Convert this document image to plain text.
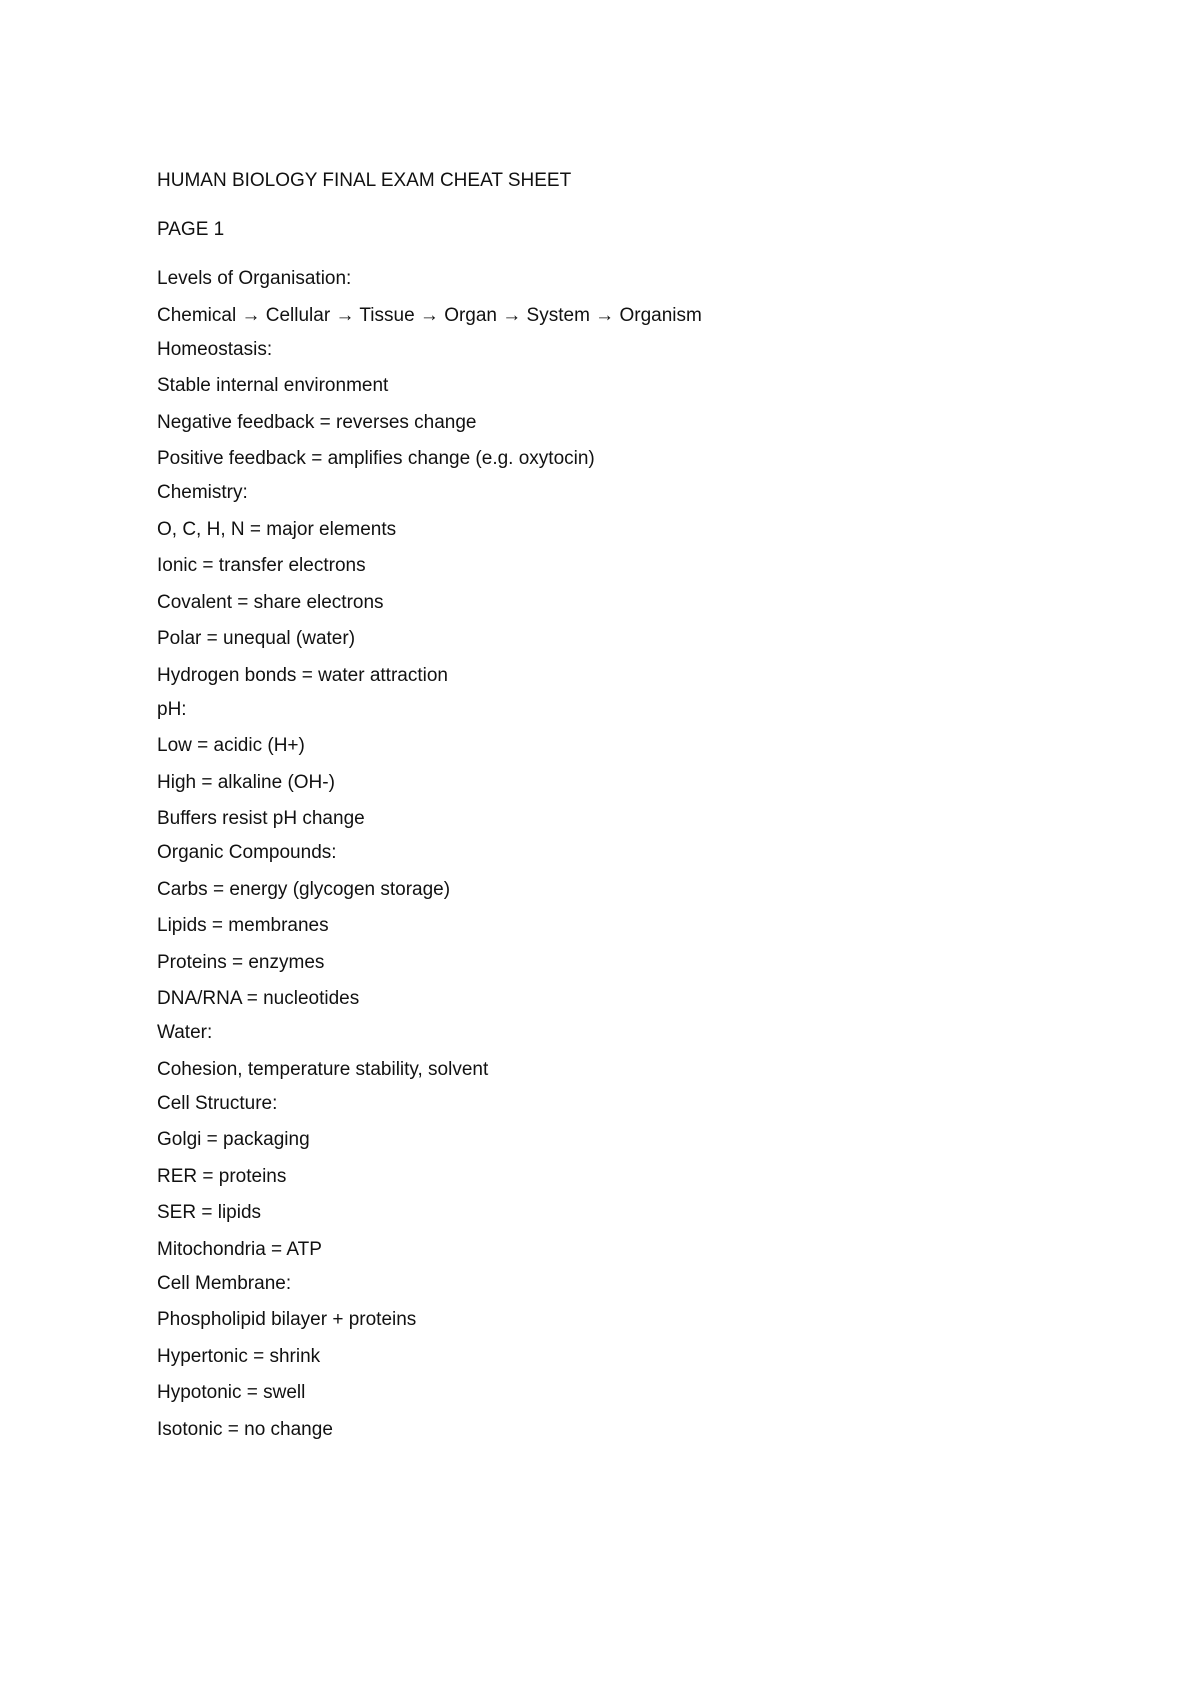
HUMAN BIOLOGY FINAL EXAM CHEAT SHEET

PAGE 1

Levels of Organisation:

Chemical → Cellular → Tissue → Organ → System → Organism

Homeostasis:

Stable internal environment

Negative feedback = reverses change

Positive feedback = amplifies change (e.g. oxytocin)

Chemistry:

O, C, H, N = major elements

Ionic = transfer electrons

Covalent = share electrons

Polar = unequal (water)

Hydrogen bonds = water attraction

pH:

Low = acidic (H+)

High = alkaline (OH-)

Buffers resist pH change

Organic Compounds:

Carbs = energy (glycogen storage)

Lipids = membranes

Proteins = enzymes

DNA/RNA = nucleotides

Water:

Cohesion, temperature stability, solvent

Cell Structure:

Golgi = packaging

RER = proteins

SER = lipids

Mitochondria = ATP

Cell Membrane:

Phospholipid bilayer + proteins

Hypertonic = shrink

Hypotonic = swell

Isotonic = no change
